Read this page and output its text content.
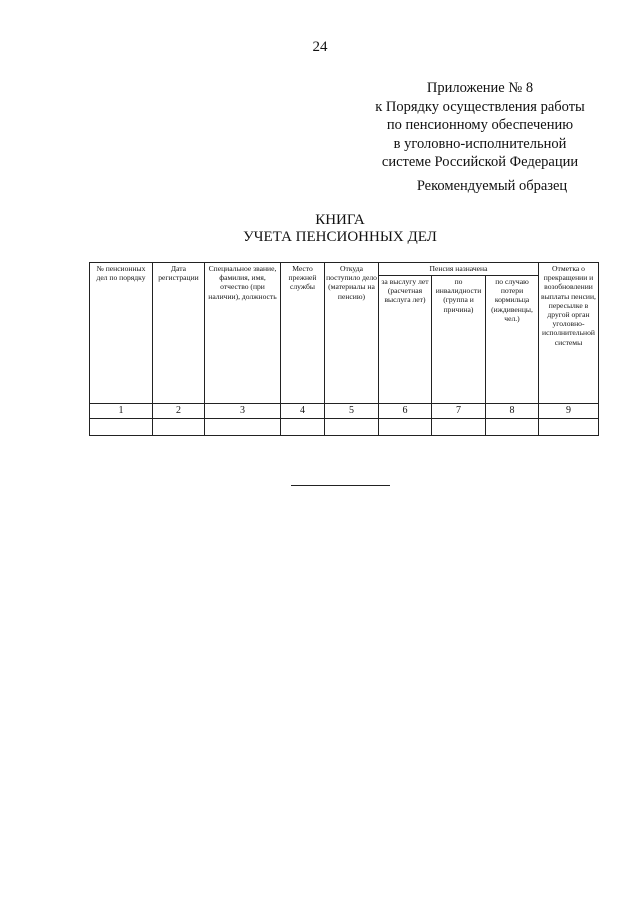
24
Приложение № 8
к Порядку осуществления работы
по пенсионному обеспечению
в уголовно-исполнительной
системе Российской Федерации
Рекомендуемый образец
КНИГА
УЧЕТА ПЕНСИОННЫХ ДЕЛ
№ пенсионных дел по порядку	Дата регистрации	Специальное звание, фамилия, имя, отчество (при наличии), должность	Место прежней службы	Откуда поступило дело (материалы на пенсию)	Пенсия назначена			Отметка о прекращении и возобновлении выплаты пенсии, пересылке в другой орган уголовно-исполнительной системы
					за выслугу лет (расчетная выслуга лет)	по инвалидности (группа и причина)	по случаю потери кормильца (иждивенцы, чел.)	
1	2	3	4	5	6	7	8	9
